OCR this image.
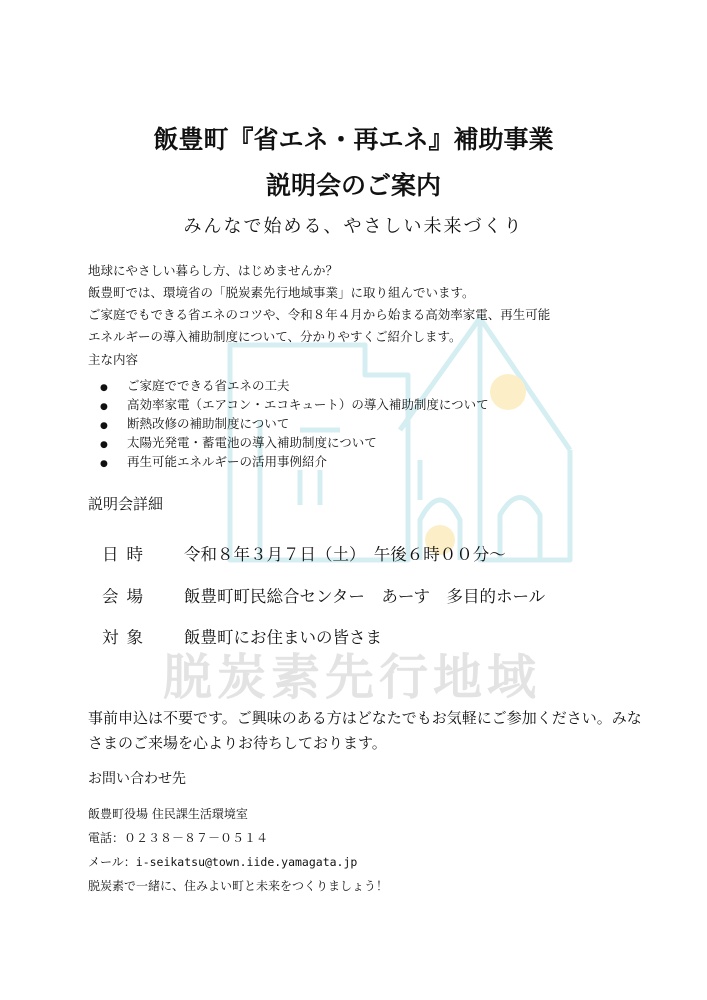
脱炭素先行地域
飯豊町『省エネ・再エネ』補助事業
説明会のご案内
みんなで始める、やさしい未来づくり

地球にやさしい暮らし方、はじめませんか？

飯豊町では、環境省の「脱炭素先行地域事業」に取り組んでいます。

ご家庭でもできる省エネのコツや、令和８年４月から始まる高効率家電、再生可能

エネルギーの導入補助制度について、分かりやすくご紹介します。

主な内容
● ご家庭でできる省エネの工夫
● 高効率家電（エアコン・エコキュート）の導入補助制度について
● 断熱改修の補助制度について
● 太陽光発電・蓄電池の導入補助制度について
● 再生可能エネルギーの活用事例紹介
説明会詳細
日時 令和８年３月７日（土）　午後６時００分～
会場 飯豊町町民総合センター　あーす　多目的ホール
対象 飯豊町にお住まいの皆さま
事前申込は不要です。ご興味のある方はどなたでもお気軽にご参加ください。みなさまのご来場を心よりお待ちしております。
お問い合わせ先
飯豊町役場 住民課生活環境室
電話：０２３８－８７－０５１４
メール：i-seikatsu@town.iide.yamagata.jp
脱炭素で一緒に、住みよい町と未来をつくりましょう！
